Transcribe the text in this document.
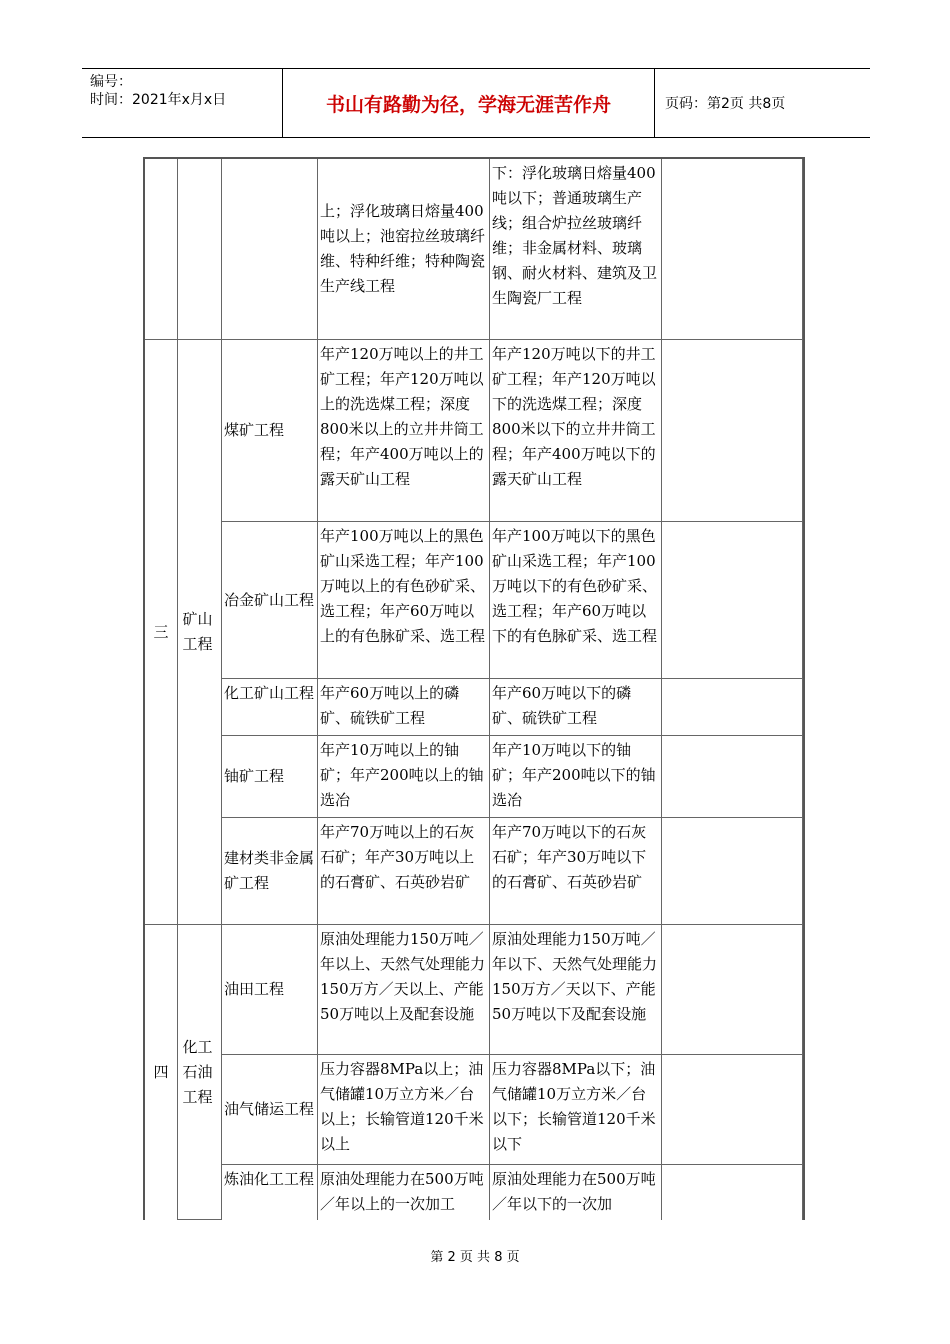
编号：
时间：2021年x月x日	书山有路勤为径，学海无涯苦作舟	页码：第2页 共8页
上；浮化玻璃日熔量400吨以上；池窑拉丝玻璃纤维、特种纤维；特种陶瓷生产线工程
下：浮化玻璃日熔量400吨以下；普通玻璃生产线；组合炉拉丝玻璃纤维；非金属材料、玻璃钢、耐火材料、建筑及卫生陶瓷厂工程
三
矿山工程
煤矿工程
年产120万吨以上的井工矿工程；年产120万吨以上的洗选煤工程；深度800米以上的立井井筒工程；年产400万吨以上的露天矿山工程
年产120万吨以下的井工矿工程；年产120万吨以下的洗选煤工程；深度800米以下的立井井筒工程；年产400万吨以下的露天矿山工程
冶金矿山工程
年产100万吨以上的黑色矿山采选工程；年产100万吨以上的有色砂矿采、选工程；年产60万吨以上的有色脉矿采、选工程
年产100万吨以下的黑色矿山采选工程；年产100万吨以下的有色砂矿采、选工程；年产60万吨以下的有色脉矿采、选工程
化工矿山工程 年产60万吨以上的磷矿、硫铁矿工程
年产60万吨以下的磷矿、硫铁矿工程
铀矿工程
年产10万吨以上的铀矿；年产200吨以上的铀选冶
年产10万吨以下的铀矿；年产200吨以下的铀选冶
建材类非金属矿工程
年产70万吨以上的石灰石矿；年产30万吨以上的石膏矿、石英砂岩矿
年产70万吨以下的石灰石矿；年产30万吨以下的石膏矿、石英砂岩矿
四
化工石油工程
油田工程
原油处理能力150万吨／年以上、天然气处理能力150万方／天以上、产能50万吨以上及配套设施
原油处理能力150万吨／年以下、天然气处理能力150万方／天以下、产能50万吨以下及配套设施
油气储运工程
压力容器8MPa以上；油气储罐10万立方米／台以上；长输管道120千米以上
压力容器8MPa以下；油气储罐10万立方米／台以下；长输管道120千米以下
炼油化工工程 原油处理能力在500万吨／年以上的一次加工
原油处理能力在500万吨／年以下的一次加
第 2 页 共 8 页
